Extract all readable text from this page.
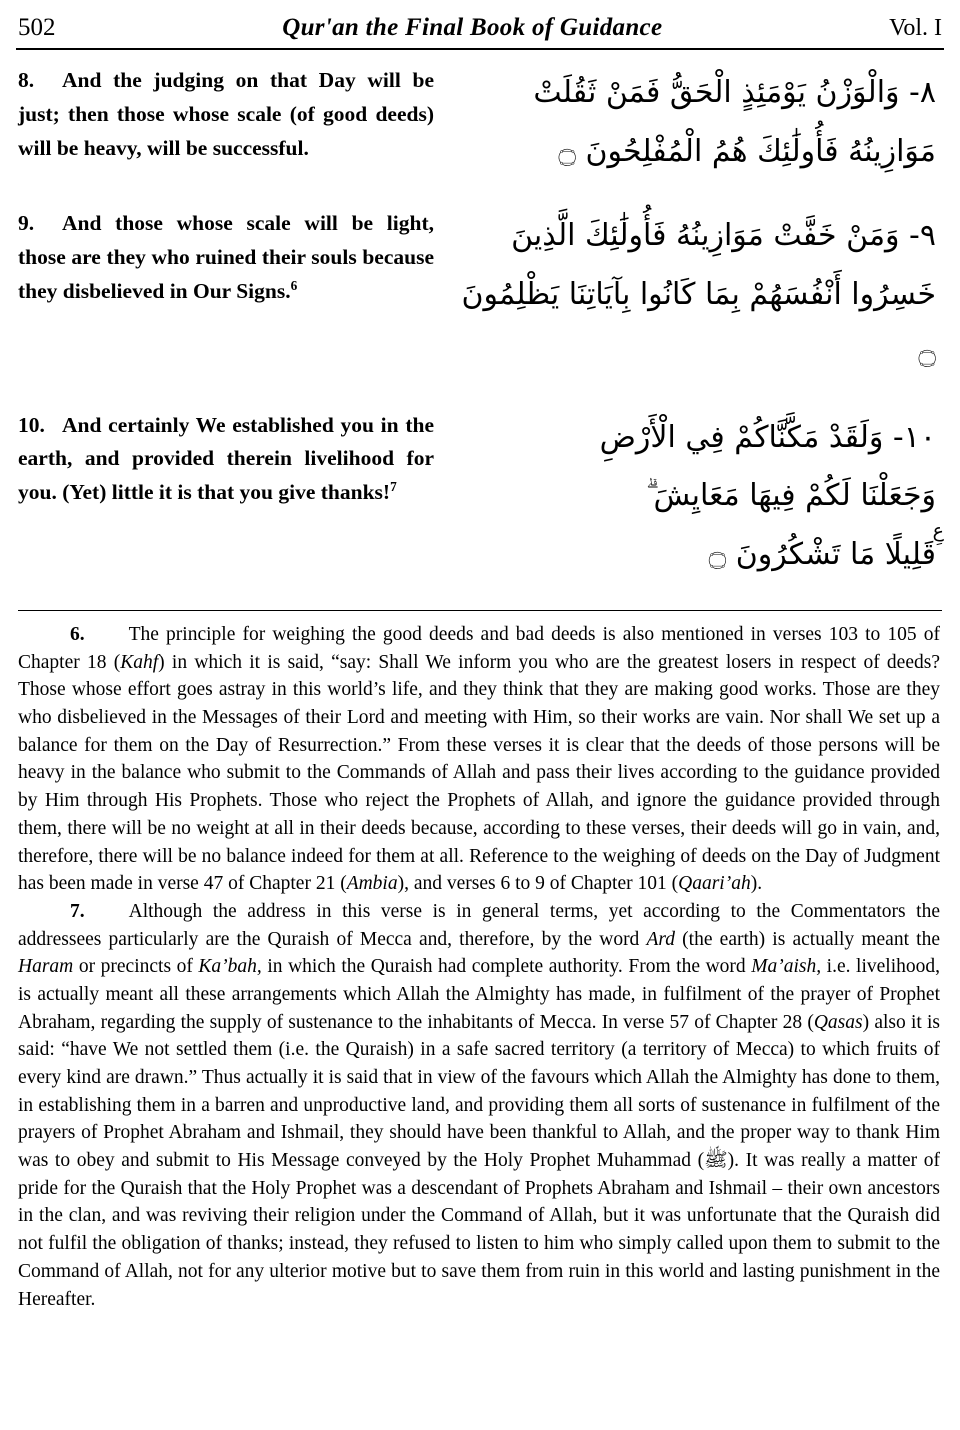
502	Qur'an the Final Book of Guidance	Vol. I
8. And the judging on that Day will be just; then those whose scale (of good deeds) will be heavy, will be successful.
٨- وَالْوَزْنُ يَوْمَئِذٍ الْحَقُّ فَمَنْ ثَقُلَتْ
مَوَازِينُهُ فَأُولَٰئِكَ هُمُ الْمُفْلِحُونَ ۝
9. And those whose scale will be light, those are they who ruined their souls because they disbelieved in Our Signs.$^6$
٩- وَمَنْ خَفَّتْ مَوَازِينُهُ فَأُولَٰئِكَ الَّذِينَ
خَسِرُوا أَنْفُسَهُمْ بِمَا كَانُوا بِآيَاتِنَا يَظْلِمُونَ ۝
10. And certainly We established you in the earth, and provided therein livelihood for you. (Yet) little it is that you give thanks!$^7$
١٠- وَلَقَدْ مَكَّنَّاكُمْ فِي الْأَرْضِ
وَجَعَلْنَا لَكُمْ فِيهَا مَعَايِشَ ۗ
قَلِيلًا مَا تَشْكُرُونَ ۝
عِ
6. The principle for weighing the good deeds and bad deeds is also mentioned in verses 103 to 105 of Chapter 18 (Kahf) in which it is said, “say: Shall We inform you who are the greatest losers in respect of deeds? Those whose effort goes astray in this world’s life, and they think that they are making good works. Those are they who disbelieved in the Messages of their Lord and meeting with Him, so their works are vain. Nor shall We set up a balance for them on the Day of Resurrection.” From these verses it is clear that the deeds of those persons will be heavy in the balance who submit to the Commands of Allah and pass their lives according to the guidance provided by Him through His Prophets. Those who reject the Prophets of Allah, and ignore the guidance provided through them, there will be no weight at all in their deeds because, according to these verses, their deeds will go in vain, and, therefore, there will be no balance indeed for them at all. Reference to the weighing of deeds on the Day of Judgment has been made in verse 47 of Chapter 21 (Ambia), and verses 6 to 9 of Chapter 101 (Qaari’ah).
7. Although the address in this verse is in general terms, yet according to the Commentators the addressees particularly are the Quraish of Mecca and, therefore, by the word Ard (the earth) is actually meant the Haram or precincts of Ka’bah, in which the Quraish had complete authority. From the word Ma’aish, i.e. livelihood, is actually meant all these arrangements which Allah the Almighty has made, in fulfilment of the prayer of Prophet Abraham, regarding the supply of sustenance to the inhabitants of Mecca. In verse 57 of Chapter 28 (Qasas) also it is said: “have We not settled them (i.e. the Quraish) in a safe sacred territory (a territory of Mecca) to which fruits of every kind are drawn.” Thus actually it is said that in view of the favours which Allah the Almighty has done to them, in establishing them in a barren and unproductive land, and providing them all sorts of sustenance in fulfilment of the prayers of Prophet Abraham and Ishmail, they should have been thankful to Allah, and the proper way to thank Him was to obey and submit to His Message conveyed by the Holy Prophet Muhammad (ﷺ). It was really a matter of pride for the Quraish that the Holy Prophet was a descendant of Prophets Abraham and Ishmail – their own ancestors in the clan, and was reviving their religion under the Command of Allah, but it was unfortunate that the Quraish did not fulfil the obligation of thanks; instead, they refused to listen to him who simply called upon them to submit to the Command of Allah, not for any ulterior motive but to save them from ruin in this world and lasting punishment in the Hereafter.
